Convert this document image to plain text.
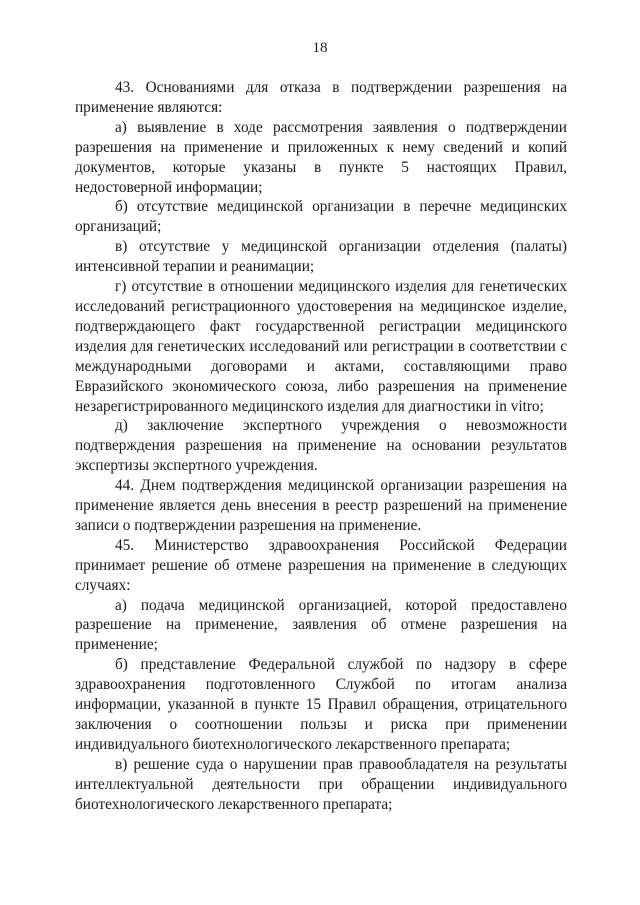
18

43. Основаниями для отказа в подтверждении разрешения на применение являются:

а) выявление в ходе рассмотрения заявления о подтверждении разрешения на применение и приложенных к нему сведений и копий документов, которые указаны в пункте 5 настоящих Правил, недостоверной информации;

б) отсутствие медицинской организации в перечне медицинских организаций;

в) отсутствие у медицинской организации отделения (палаты) интенсивной терапии и реанимации;

г) отсутствие в отношении медицинского изделия для генетических исследований регистрационного удостоверения на медицинское изделие, подтверждающего факт государственной регистрации медицинского изделия для генетических исследований или регистрации в соответствии с международными договорами и актами, составляющими право Евразийского экономического союза, либо разрешения на применение незарегистрированного медицинского изделия для диагностики in vitro;

д) заключение экспертного учреждения о невозможности подтверждения разрешения на применение на основании результатов экспертизы экспертного учреждения.

44. Днем подтверждения медицинской организации разрешения на применение является день внесения в реестр разрешений на применение записи о подтверждении разрешения на применение.

45. Министерство здравоохранения Российской Федерации принимает решение об отмене разрешения на применение в следующих случаях:

а) подача медицинской организацией, которой предоставлено разрешение на применение, заявления об отмене разрешения на применение;

б) представление Федеральной службой по надзору в сфере здравоохранения подготовленного Службой по итогам анализа информации, указанной в пункте 15 Правил обращения, отрицательного заключения о соотношении пользы и риска при применении индивидуального биотехнологического лекарственного препарата;

в) решение суда о нарушении прав правообладателя на результаты интеллектуальной деятельности при обращении индивидуального биотехнологического лекарственного препарата;
